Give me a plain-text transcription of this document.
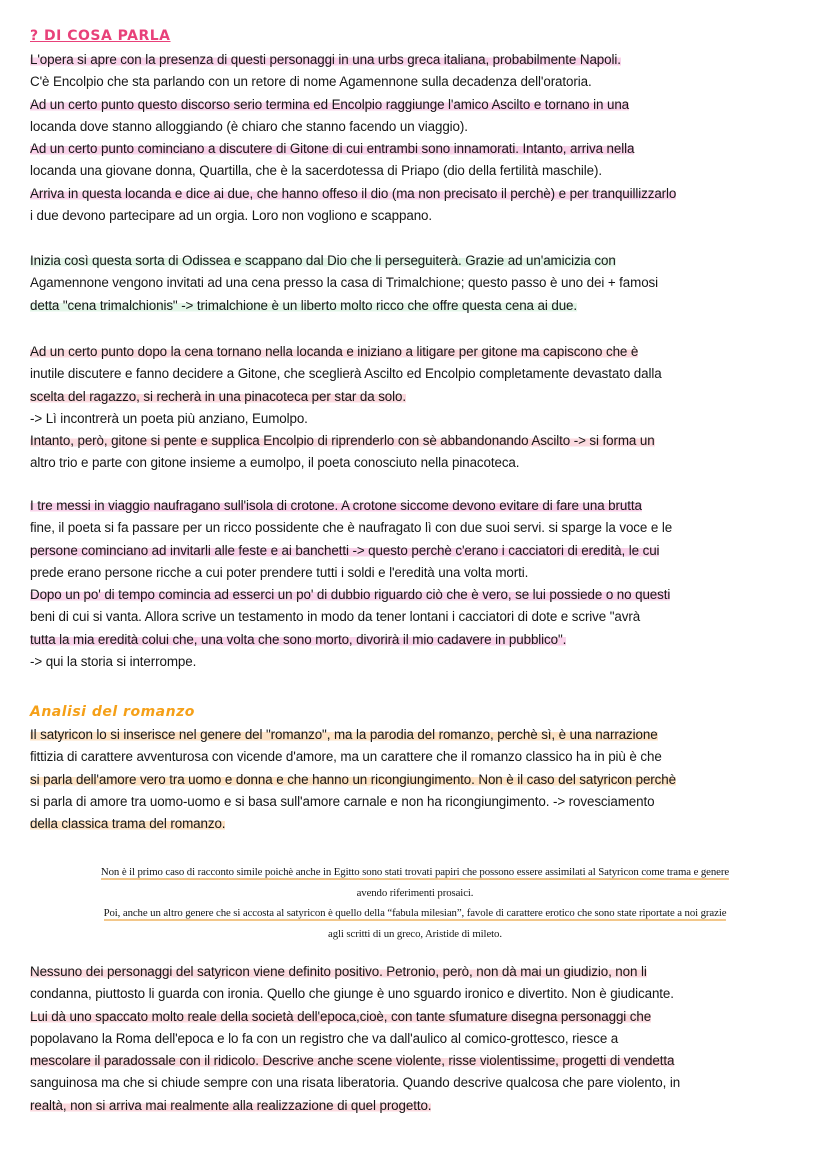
? DI COSA PARLA
Analisi del romanzo
L'opera si apre con la presenza di questi personaggi in una urbs greca italiana, probabilmente Napoli.
C'è Encolpio che sta parlando con un retore di nome Agamennone sulla decadenza dell'oratoria.
Ad un certo punto questo discorso serio termina ed Encolpio raggiunge l'amico Ascilto e tornano in una
locanda dove stanno alloggiando (è chiaro che stanno facendo un viaggio).
Ad un certo punto cominciano a discutere di Gitone di cui entrambi sono innamorati. Intanto, arriva nella
locanda una giovane donna, Quartilla, che è la sacerdotessa di Priapo (dio della fertilità maschile).
Arriva in questa locanda e dice ai due, che hanno offeso il dio (ma non precisato il perchè) e per tranquillizzarlo
i due devono partecipare ad un orgia. Loro non vogliono e scappano.
Inizia così questa sorta di Odissea e scappano dal Dio che li perseguiterà. Grazie ad un'amicizia con
Agamennone vengono invitati ad una cena presso la casa di Trimalchione; questo passo è uno dei + famosi
detta "cena trimalchionis" -> trimalchione è un liberto molto ricco che offre questa cena ai due.
Ad un certo punto dopo la cena tornano nella locanda e iniziano a litigare per gitone ma capiscono che è
inutile discutere e fanno decidere a Gitone, che sceglierà Ascilto ed Encolpio completamente devastato dalla
scelta del ragazzo, si recherà in una pinacoteca per star da solo.
-> Lì incontrerà un poeta più anziano, Eumolpo.
Intanto, però, gitone si pente e supplica Encolpio di riprenderlo con sè abbandonando Ascilto -> si forma un
altro trio e parte con gitone insieme a eumolpo, il poeta conosciuto nella pinacoteca.
I tre messi in viaggio naufragano sull'isola di crotone. A crotone siccome devono evitare di fare una brutta
fine, il poeta si fa passare per un ricco possidente che è naufragato lì con due suoi servi. si sparge la voce e le
persone cominciano ad invitarli alle feste e ai banchetti -> questo perchè c'erano i cacciatori di eredità, le cui
prede erano persone ricche a cui poter prendere tutti i soldi e l'eredità una volta morti.
Dopo un po' di tempo comincia ad esserci un po' di dubbio riguardo ciò che è vero, se lui possiede o no questi
beni di cui si vanta. Allora scrive un testamento in modo da tener lontani i cacciatori di dote e scrive "avrà
tutta la mia eredità colui che, una volta che sono morto, divorirà il mio cadavere in pubblico".
-> qui la storia si interrompe.
Il satyricon lo si inserisce nel genere del "romanzo", ma la parodia del romanzo, perchè sì, è una narrazione
fittizia di carattere avventurosa con vicende d'amore, ma un carattere che il romanzo classico ha in più è che
si parla dell'amore vero tra uomo e donna e che hanno un ricongiungimento. Non è il caso del satyricon perchè
si parla di amore tra uomo-uomo e si basa sull'amore carnale e non ha ricongiungimento. -> rovesciamento
della classica trama del romanzo.
Non è il primo caso di racconto simile poichè anche in Egitto sono stati trovati papiri che possono essere assimilati al Satyricon come trama e genere
avendo riferimenti prosaici.
Poi, anche un altro genere che si accosta al satyricon è quello della “fabula milesian”, favole di carattere erotico che sono state riportate a noi grazie
agli scritti di un greco, Aristide di mileto.
Nessuno dei personaggi del satyricon viene definito positivo. Petronio, però, non dà mai un giudizio, non li
condanna, piuttosto li guarda con ironia. Quello che giunge è uno sguardo ironico e divertito. Non è giudicante.
Lui dà uno spaccato molto reale della società dell'epoca,cioè, con tante sfumature disegna personaggi che
popolavano la Roma dell'epoca e lo fa con un registro che va dall'aulico al comico-grottesco, riesce a
mescolare il paradossale con il ridicolo. Descrive anche scene violente, risse violentissime, progetti di vendetta
sanguinosa ma che si chiude sempre con una risata liberatoria. Quando descrive qualcosa che pare violento, in
realtà, non si arriva mai realmente alla realizzazione di quel progetto.
